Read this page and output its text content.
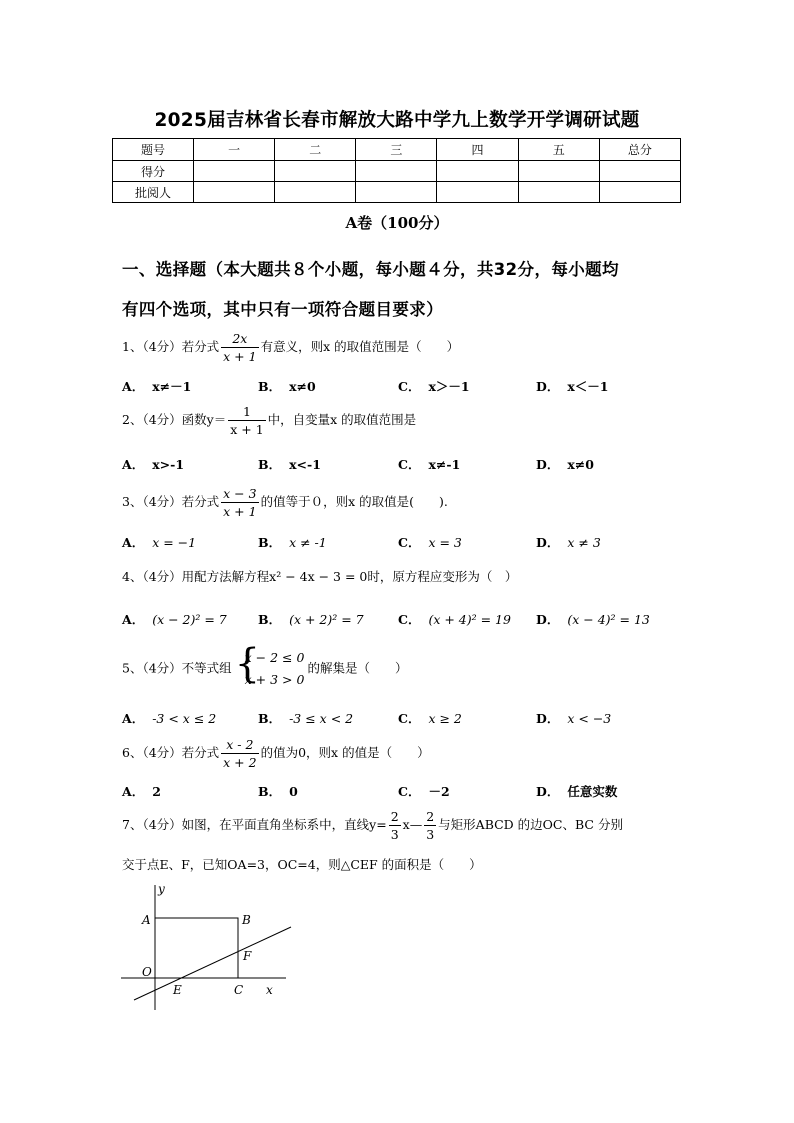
2025届吉林省长春市解放大路中学九上数学开学调研试题
题号	一	二	三	四	五	总分
得分						
批阅人						
A卷（100分）
一、选择题（本大题共８个小题，每小题４分，共32分，每小题均
有四个选项，其中只有一项符合题目要求）
1、（4分）若分式 $\frac{2x}{x + 1}$ 有意义，则x 的取值范围是（　　）
A． x≠－1	B． x≠0	C． x＞－1	D． x＜－1
2、（4分）函数$y= \frac{1}{x + 1}$ 中，自变量x 的取值范围是
A． x>-1	B． x<-1	C． x≠-1	D． x≠0
3、（4分）若分式 $\frac{x - 3}{x + 1}$ 的值等于０，则x 的取值是(　　).
A． x = −1	B． x ≠ -1	C． x = 3	D． x ≠ 3
4、（4分）用配方法解方程x² − 4x − 3 = 0时，原方程应变形为（　）
A． (x − 2)² = 7 B． (x + 2)² = 7	C． (x + 4)² = 19 D． (x − 4)² = 13
5、（4分）不等式组 {
x − 2 ≤ 0
x + 3 > 0
的解集是（　　）
A． -3 < x ≤ 2	B． -3 ≤ x < 2	C． x ≥ 2	D． x < −3
6、（4分）若分式 $\frac{x - 2}{x + 2}$ 的值为0，则x 的值是（　　）
A． 2	B． 0	C． －2	D． 任意实数
7、（4分）如图，在平面直角坐标系中，直线$y= \frac{2}{3}$ x— $\frac{2}{3}$ 与矩形ABCD 的边OC、BC 分别
交于点E、F，已知OA=3，OC=4，则△CEF 的面积是（　　）
y
x
A	B
O
F
E	C
